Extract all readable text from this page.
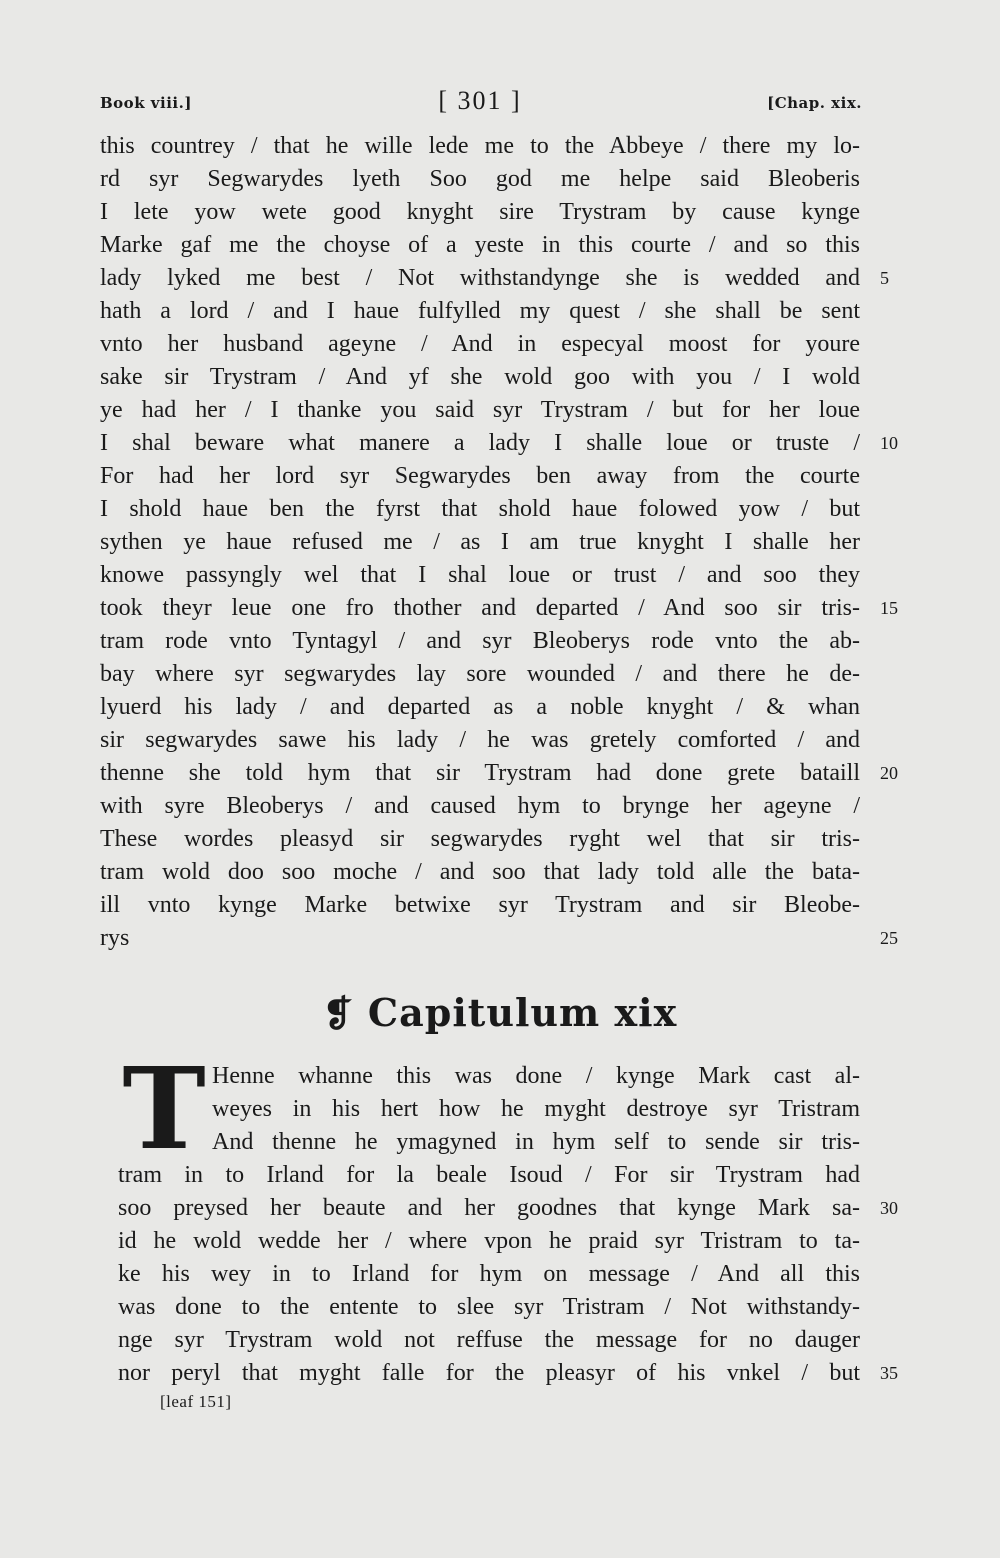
Book viii.]	[ 301 ]	[Chap. xix.
this countrey / that he wille lede me to the Abbeye / there my lo-
rd syr Segwarydes lyeth Soo god me helpe said Bleoberis
I lete yow wete good knyght sire Trystram by cause kynge
Marke gaf me the choyse of a yeste in this courte / and so this
lady lyked me best / Not withstandynge she is wedded and
hath a lord / and I haue fulfylled my quest / she shall be sent
vnto her husband ageyne / And in especyal moost for youre
sake sir Trystram / And yf she wold goo with you / I wold
ye had her / I thanke you said syr Trystram / but for her loue
I shal beware what manere a lady I shalle loue or truste /
For had her lord syr Segwarydes ben away from the courte
I shold haue ben the fyrst that shold haue folowed yow / but
sythen ye haue refused me / as I am true knyght I shalle her
knowe passyngly wel that I shal loue or trust / and soo they
took theyr leue one fro thother and departed / And soo sir tris-
tram rode vnto Tyntagyl / and syr Bleoberys rode vnto the ab-
bay where syr segwarydes lay sore wounded / and there he de-
lyuerd his lady / and departed as a noble knyght / & whan
sir segwarydes sawe his lady / he was gretely comforted / and
thenne she told hym that sir Trystram had done grete bataill
with syre Bleoberys / and caused hym to brynge her ageyne /
These wordes pleasyd sir segwarydes ryght wel that sir tris-
tram wold doo soo moche / and soo that lady told alle the bata-
ill vnto kynge Marke betwixe syr Trystram and sir Bleobe-
rys
5
10
15
20
25
❡ Capitulum xix
T Henne whanne this was done / kynge Mark cast al-
weyes in his hert how he myght destroye syr Tristram
And thenne he ymagyned in hym self to sende sir tris-
tram in to Irland for la beale Isoud / For sir Trystram had
soo preysed her beaute and her goodnes that kynge Mark sa-
id he wold wedde her / where vpon he praid syr Tristram to ta-
ke his wey in to Irland for hym on message / And all this
was done to the entente to slee syr Tristram / Not withstandy-
nge syr Trystram wold not reffuse the message for no dauger
nor peryl that myght falle for the pleasyr of his vnkel / but
30
35
[leaf 151]
